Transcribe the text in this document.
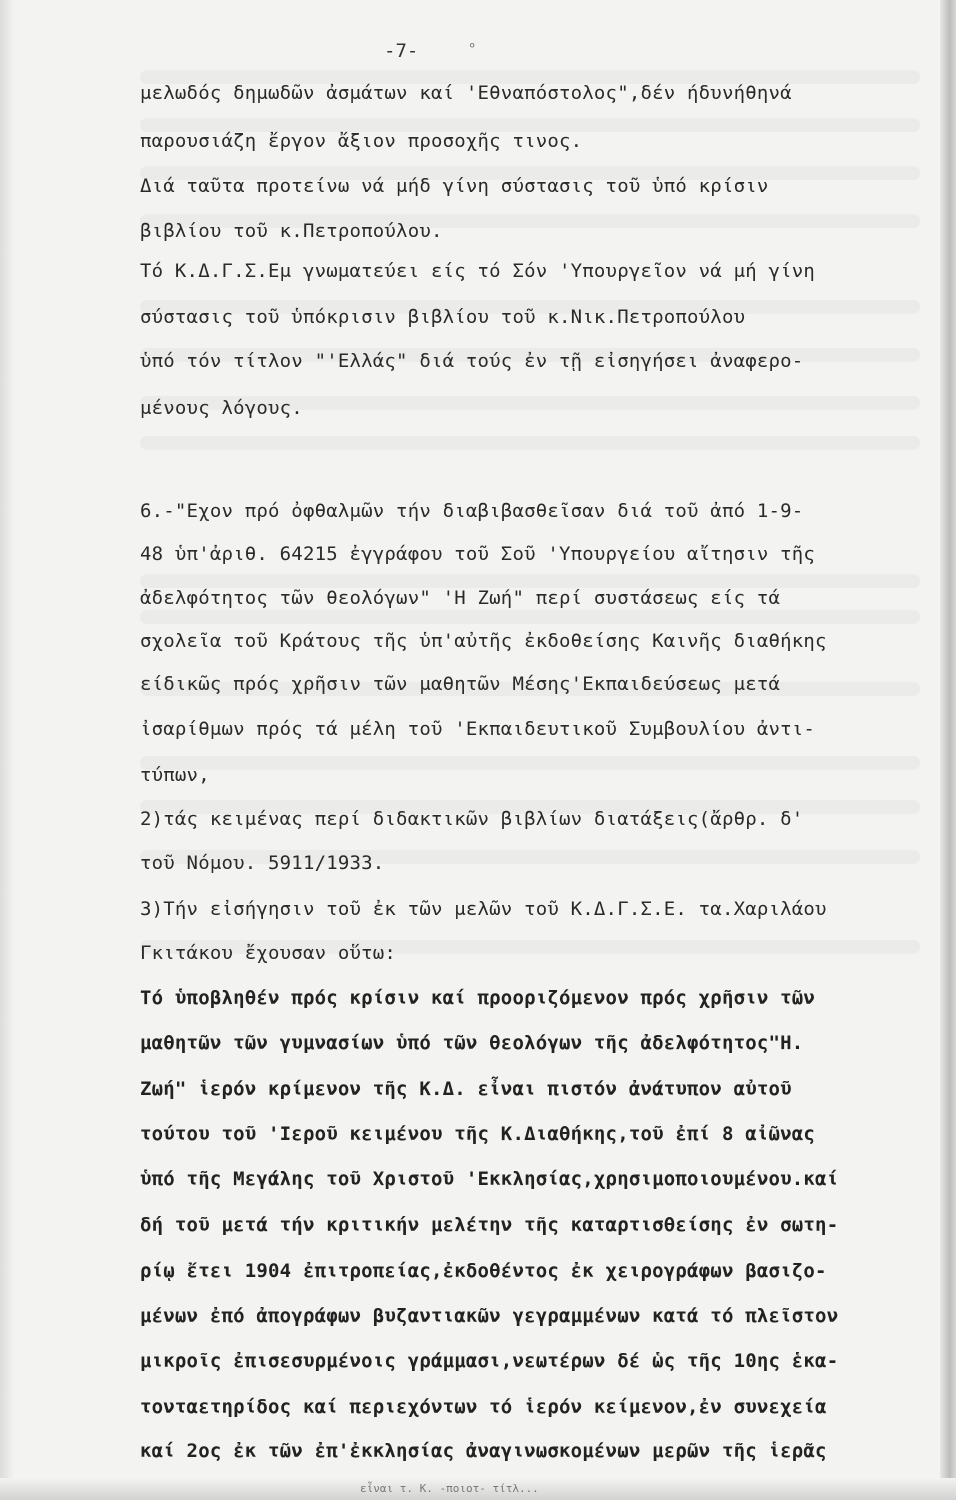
-7-	ᵒ

μελωδός δημωδῶν ἀσμάτων καί 'Εθναπόστολος",δέν ήδυνήθηνά

παρουσιάζη ἔργον ἄξιον προσοχῆς τινος.

Διά ταῦτα προτείνω νά μήδ γίνη σύστασις τοῦ ὑπό κρίσιν

βιβλίου τοῦ κ.Πετροπούλου.

Τό Κ.Δ.Γ.Σ.Εμ γνωματεύει είς τό Σόν 'Υπουργεῖον νά μή γίνη

σύστασις τοῦ ὑπόκρισιν βιβλίου τοῦ κ.Νικ.Πετροπούλου

ὑπό τόν τίτλον "'Ελλάς" διά τούς ἐν τῇ εἰσηγήσει ἀναφερο-

μένους λόγους.

6.-"Εχον πρό ὀφθαλμῶν τήν διαβιβασθεῖσαν διά τοῦ ἀπό 1-9-

48 ὑπ'ἀριθ. 64215 ἐγγράφου τοῦ Σοῦ 'Υπουργείου αἴτησιν τῆς

ἀδελφότητος τῶν θεολόγων" 'Η Ζωή" περί συστάσεως είς τά

σχολεῖα τοῦ Κράτους τῆς ὑπ'αὐτῆς ἐκδοθείσης Καινῆς διαθήκης

είδικῶς πρός χρῆσιν τῶν μαθητῶν Μέσης'Εκπαιδεύσεως μετά

ἰσαρίθμων πρός τά μέλη τοῦ 'Εκπαιδευτικοῦ Συμβουλίου ἀντι-

τύπων,

2)τάς κειμένας περί διδακτικῶν βιβλίων διατάξεις(ἄρθρ. δ'

τοῦ Νόμου. 5911/1933.

3)Τήν εἰσήγησιν τοῦ ἐκ τῶν μελῶν τοῦ Κ.Δ.Γ.Σ.Ε. τα.Χαριλάου

Γκιτάκου ἔχουσαν οὕτω:

Τό ὑποβληθέν πρός κρίσιν καί προοριζόμενον πρός χρῆσιν τῶν

μαθητῶν τῶν γυμνασίων ὑπό τῶν θεολόγων τῆς ἀδελφότητος"Η.

Ζωή" ἱερόν κρίμενον τῆς Κ.Δ. εἶναι πιστόν ἀνάτυπον αὐτοῦ

τούτου τοῦ 'Ιεροῦ κειμένου τῆς Κ.Διαθήκης,τοῦ ἐπί 8 αἰῶνας

ὑπό τῆς Μεγάλης τοῦ Χριστοῦ 'Εκκλησίας,χρησιμοποιουμένου.καί

δή τοῦ μετά τήν κριτικήν μελέτην τῆς καταρτισθείσης ἐν σωτη-

ρίῳ ἔτει 1904 ἐπιτροπείας,ἐκδοθέντος ἐκ χειρογράφων βασιζο-

μένων ἐπό ἀπογράφων βυζαντιακῶν γεγραμμένων κατά τό πλεῖστον

μικροῖς ἐπισεσυρμένοις γράμμασι,νεωτέρων δέ ὡς τῆς 10ης ἑκα-

τονταετηρίδος καί περιεχόντων τό ἱερόν κείμενον,ἐν συνεχεία

καί 2ος ἐκ τῶν ἐπ'ἐκκλησίας ἀναγινωσκομένων μερῶν τῆς ἱερᾶς

εἶναι τ. Κ. -ποιοτ- τίτλ...
